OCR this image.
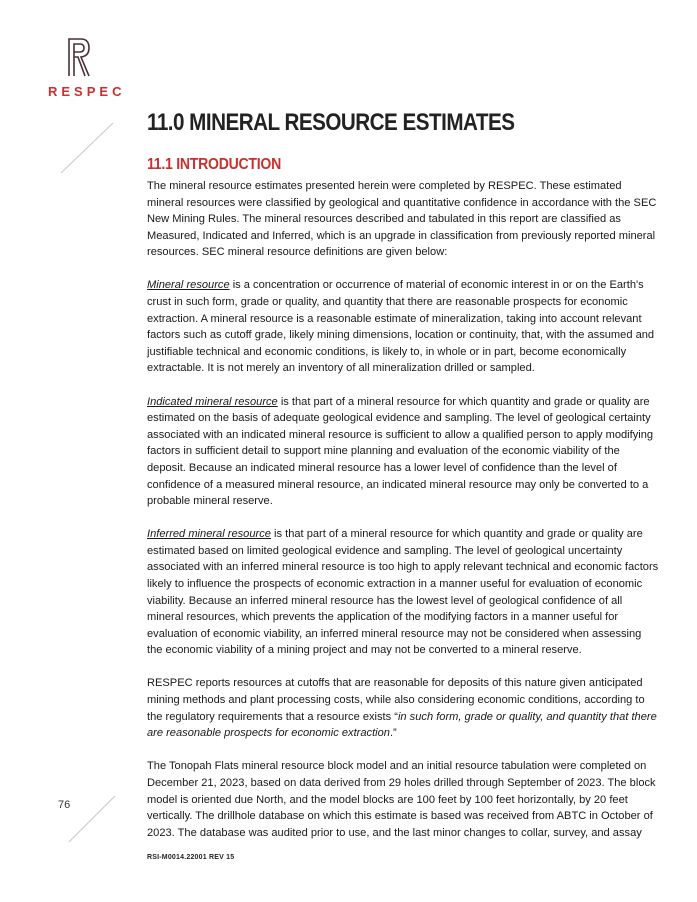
RESPEC
76
11.0 MINERAL RESOURCE ESTIMATES
11.1 INTRODUCTION

The mineral resource estimates presented herein were completed by RESPEC. These estimated mineral resources were classified by geological and quantitative confidence in accordance with the SEC New Mining Rules. The mineral resources described and tabulated in this report are classified as Measured, Indicated and Inferred, which is an upgrade in classification from previously reported mineral resources. SEC mineral resource definitions are given below:

Mineral resource is a concentration or occurrence of material of economic interest in or on the Earth's crust in such form, grade or quality, and quantity that there are reasonable prospects for economic extraction. A mineral resource is a reasonable estimate of mineralization, taking into account relevant factors such as cutoff grade, likely mining dimensions, location or continuity, that, with the assumed and justifiable technical and economic conditions, is likely to, in whole or in part, become economically extractable. It is not merely an inventory of all mineralization drilled or sampled.

Indicated mineral resource is that part of a mineral resource for which quantity and grade or quality are estimated on the basis of adequate geological evidence and sampling. The level of geological certainty associated with an indicated mineral resource is sufficient to allow a qualified person to apply modifying factors in sufficient detail to support mine planning and evaluation of the economic viability of the deposit. Because an indicated mineral resource has a lower level of confidence than the level of confidence of a measured mineral resource, an indicated mineral resource may only be converted to a probable mineral reserve.

Inferred mineral resource is that part of a mineral resource for which quantity and grade or quality are estimated based on limited geological evidence and sampling. The level of geological uncertainty associated with an inferred mineral resource is too high to apply relevant technical and economic factors likely to influence the prospects of economic extraction in a manner useful for evaluation of economic viability. Because an inferred mineral resource has the lowest level of geological confidence of all mineral resources, which prevents the application of the modifying factors in a manner useful for evaluation of economic viability, an inferred mineral resource may not be considered when assessing the economic viability of a mining project and may not be converted to a mineral reserve.

RESPEC reports resources at cutoffs that are reasonable for deposits of this nature given anticipated mining methods and plant processing costs, while also considering economic conditions, according to the regulatory requirements that a resource exists “in such form, grade or quality, and quantity that there are reasonable prospects for economic extraction.”

The Tonopah Flats mineral resource block model and an initial resource tabulation were completed on December 21, 2023, based on data derived from 29 holes drilled through September of 2023. The block model is oriented due North, and the model blocks are 100 feet by 100 feet horizontally, by 20 feet vertically. The drillhole database on which this estimate is based was received from ABTC in October of 2023. The database was audited prior to use, and the last minor changes to collar, survey, and assay

RSI-M0014.22001 REV 15
